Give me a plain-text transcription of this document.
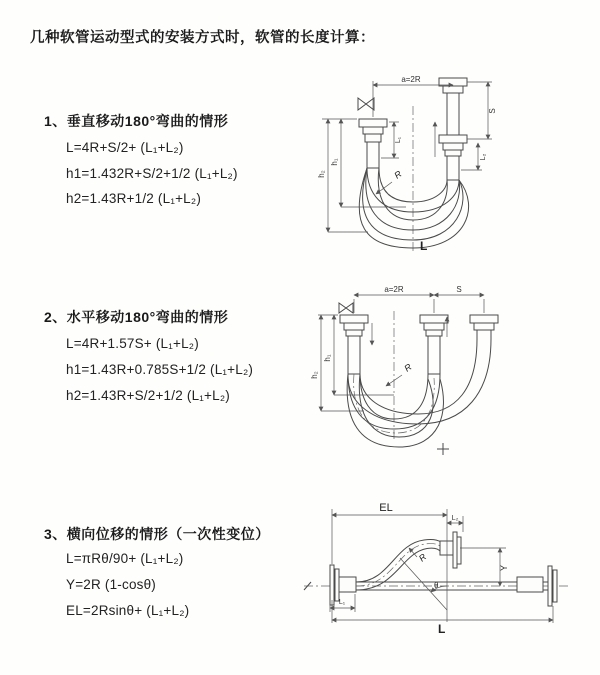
几种软管运动型式的安装方式时，软管的长度计算：
1、垂直移动180°弯曲的情形
L=4R+S/2+ (L₁+L₂)
h1=1.432R+S/2+1/2 (L₁+L₂)
h2=1.43R+1/2 (L₁+L₂)
a=2R
S
L₂
h₁
h₂
L₁
R
L
2、水平移动180°弯曲的情形
L=4R+1.57S+ (L₁+L₂)
h1=1.43R+0.785S+1/2 (L₁+L₂)
h2=1.43R+S/2+1/2 (L₁+L₂)
a=2R	S
h₁
h₂
R
3、横向位移的情形（一次性变位）
L=πRθ/90+ (L₁+L₂)
Y=2R (1-cosθ)
EL=2Rsinθ+ (L₁+L₂)
EL
L₂
Y
R
θ
L₁
L
